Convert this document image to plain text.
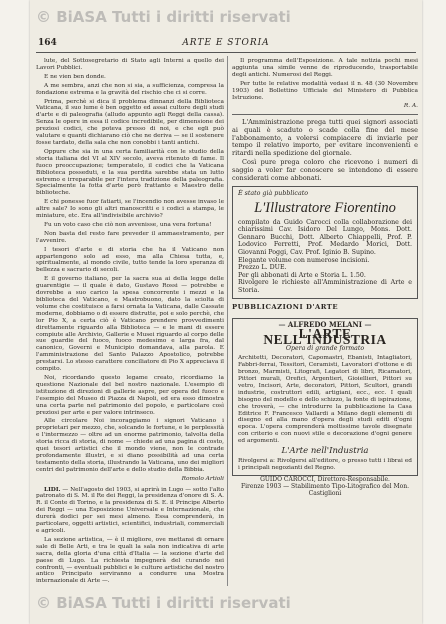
© BiASA Tutti i diritti riservati
164	ARTE E STORIA

lute, del Sottosegretario di Stato agli Interni a quello dei Lavori Pubblici.

E ne vien ben donde.

A me sembra, anzi che non si sia, a sufficienza, compresa la fondazione estrema e la gravità del rischio che ci si corre.

Prima, perchè si dica il problema dinnanzi della Biblioteca Vaticana, il suo lume è ben oggetto ed assai cultore degli studi d'arte e di paleografia (alludo appunto agli Reggi della cassa). Senza le opere in essa il codice incredibile, per dimensione dei preziosi codici, che poteva presso di noi, e che egli può valutare e quanti dichiarano ciò che ne deriva — se il sostenere fosse tardato, della sala che non conobbi i tanti antichi.

Oppure che sia in una certa familiarità con le studio della storia italiana del VI al XIV secolo, aveva ritenuto di fame. Il fuoco preoccupazione; temperatelo, il codici che la Vaticana Biblioteca posseduti, e la sua perdita sarebbe stata un lutto estremo e irreparabile per l'intera tradizione della paleografia. Specialmente la fotta d'arte però frattanto e Maestro delle biblioteche.

E chi ponesse fuor fatiarti, se l'incendio non avesse invaso le altre sale? Io sono gli altri manoscritti e i codici a stampa, le miniature, etc. Era all'indivisibile archivio?

Fu un voto caso che ciò non avvenisse, una vera fortuna!

Non basta del resto fare preveder il ammaestramento, per l'avvenire.

I tesori d'arte e di storia che ha il Vaticano non appartengono solo ad esso, ma alla Chiesa tutta, e, spiritualmente, al mondo civile, tutto tende la loro speranza di bellezza e sacrario di secoli.

E il governo italiano, per la sacra sua ai della legge delle guarentigie — il quale è dato, Gustavo Rossi — potrebbe e dovrebbe a suo carico la spesa concorrente i mezzi e la biblioteca del Vaticano, e Mastrobuono, dato la sciolta di volume che costituisce a farsi ornata la Vaticana, dalle Cassate moderne, dobbiamo o di essere distrutte, poi e solo perchè, che lor Pio X, a certa ciò è Vaticano prendere provvedimenti direttamente riguardo alla Biblioteca — e le mani di essere compiute alle Archivio, Gallerie e Musei riguardo al corpo delle sue guardie del fuoco, fuoco medesimo e larga fra, dal canonico, Governi e Municipio domandava, alla parola. E l'amministrazione del Santo Palazzo Apostolico, potrebbe prestarsi. Lo stesso carattere conciliatore di Pio X appreciava il compito.

Noi, ricordando questo legame creato, ricordiamo la questione Nazionale del bel nostro nazionale. L'esempio di istituzione di direzioni di gallerie aspre, per opera del fuoco e l'esempio del Museo di Piazza di Napoli, ed era esso dimostra una certa parte nel patrimonio del popolo, e particolare così preziosi per arte e per valore intrinseco.

Alle circolare Noi incoraggiamo i signori Vaticano i proprietari per mezzo, che, solcando le fortune, e le perplessità e l'intermezzo — oltre ad un enorme patrimonio, talvolta della storia ricca di storia, di nome — chiede ad una pagina di costo, quei tesori artistici che il mondo viene, non le contrade profondamente illustri, e si diano possibilità ad una certa testamento della storia, illustrando la Vaticana, uno dei migliori centri del patrimonio dell'arte e dello studio della Bibbia.

Romolo Artioli

LIDI. — Nell'agosto del 1903, si aprirà in Lugo — sotto l'alto patronato di S. M. il Re dei Reggi, la presidenza d'onore di S. A. R. il Conte di Torino, e la presidenza di S. E. il Principe Alberto dei Reggi — una Esposizione Universale e Internazionale, che durerà dodici per sei mesi almeno. Essa comprenderà, in particolare, oggetti artistici, scientifici, industriali, commerciali e agricoli.

La sezione artistica, — è il migliore, ove mettansi di ornare sale di Belle Arti, e tra le quali la sala non indicativa di arte sacra, della gloria d'una città d'Italia — la sezione d'arte del paese di Lugo. La richiesta impegnerà del curando nei confronti, — eventuali pubblici e le culture artistiche del nostro antico Principato serviranno a condurre una Mostra internazionale di Arte —.

Il programma dell'Esposizione. A tale notizia pochi mesi aggiunta una simile venne de riproducendo, trasportabile degli antichi. Numerosi del Reggi.

Per tutte le relative modalità vedasi il n. 48 (30 Novembre 1903) del Bollettino Ufficiale del Ministero di Pubblica Istruzione.

R. A.

L'Amministrazione prega tutti quei signori associati ai quali è scaduto o scade colla fine del mese l'abbonamento, a volersi compiacere di inviarle per tempo il relativo importo, per evitare inconvenienti e ritardi nella spedizione del giornale.

Così pure prega coloro che ricevono i numeri di saggio a voler far conoscere se intendono di essere considerati come abbonati.

È stato già pubblicato
L'Illustratore Fiorentino
compilato da Guido Carocci colla collaborazione dei chiarissimi Cav. Isidoro Del Lungo, Mons. Dott. Gennaro Bucchi, Dott. Alberto Chiappelli, Prof. P. Lodovico Ferretti, Prof. Medardo Morici, Dott. Giovanni Poggi, Cav. Prof. Iginio B. Supino.
Elegante volume con numerose incisioni.
Prezzo L. DUE.
Per gli abbonati di Arte e Storia L. 1.50.
Rivolgere le richieste all'Amministrazione di Arte e Storia.
PUBBLICAZIONI D'ARTE
— ALFREDO MELANI —
L'ARTE NELL'INDUSTRIA
Opera di grande formato
Architetti, Decoratori, Capomastri, Ebanisti, Intagliatori, Fabbri-ferrai, Tessitori, Ceramisti, Lavoratori d'ottone e di bronzo, Marmisti, Litografi, Legatori di libri, Ricamatori, Pittori murali, Orefici, Argentieri, Gioiellieri, Pittori su vetro, Incisori, Arte, decoratori, Pittori, Scultori, grandi industrie, costruttori edili, artigiani, ecc., ecc. I quali bisogno del modello e dello schizzo, la fonte di ispirazione, che troverà, — che introdurre la pubblicazione la Casa Editrice F. Francesco Vallardi a Milano degli elementi di disegno ed alla mano d'opera degli studi editi d'ogni epoca. L'opera comprenderà moltissime tavole disegnate con criterio e con nuovi stile e decorazione d'ogni genere ed argomenti.
L'Arte nell'Industria
Rivolgersi a: Rivolgersi all'editore, o presso tutti i librai ed i principali negozianti del Regno.
GUIDO CAROCCI, Direttore-Responsabile.
Firenze 1903 — Stabilimento Tipo-Litografico del Mon. Castiglioni
© BiASA Tutti i diritti riservati
